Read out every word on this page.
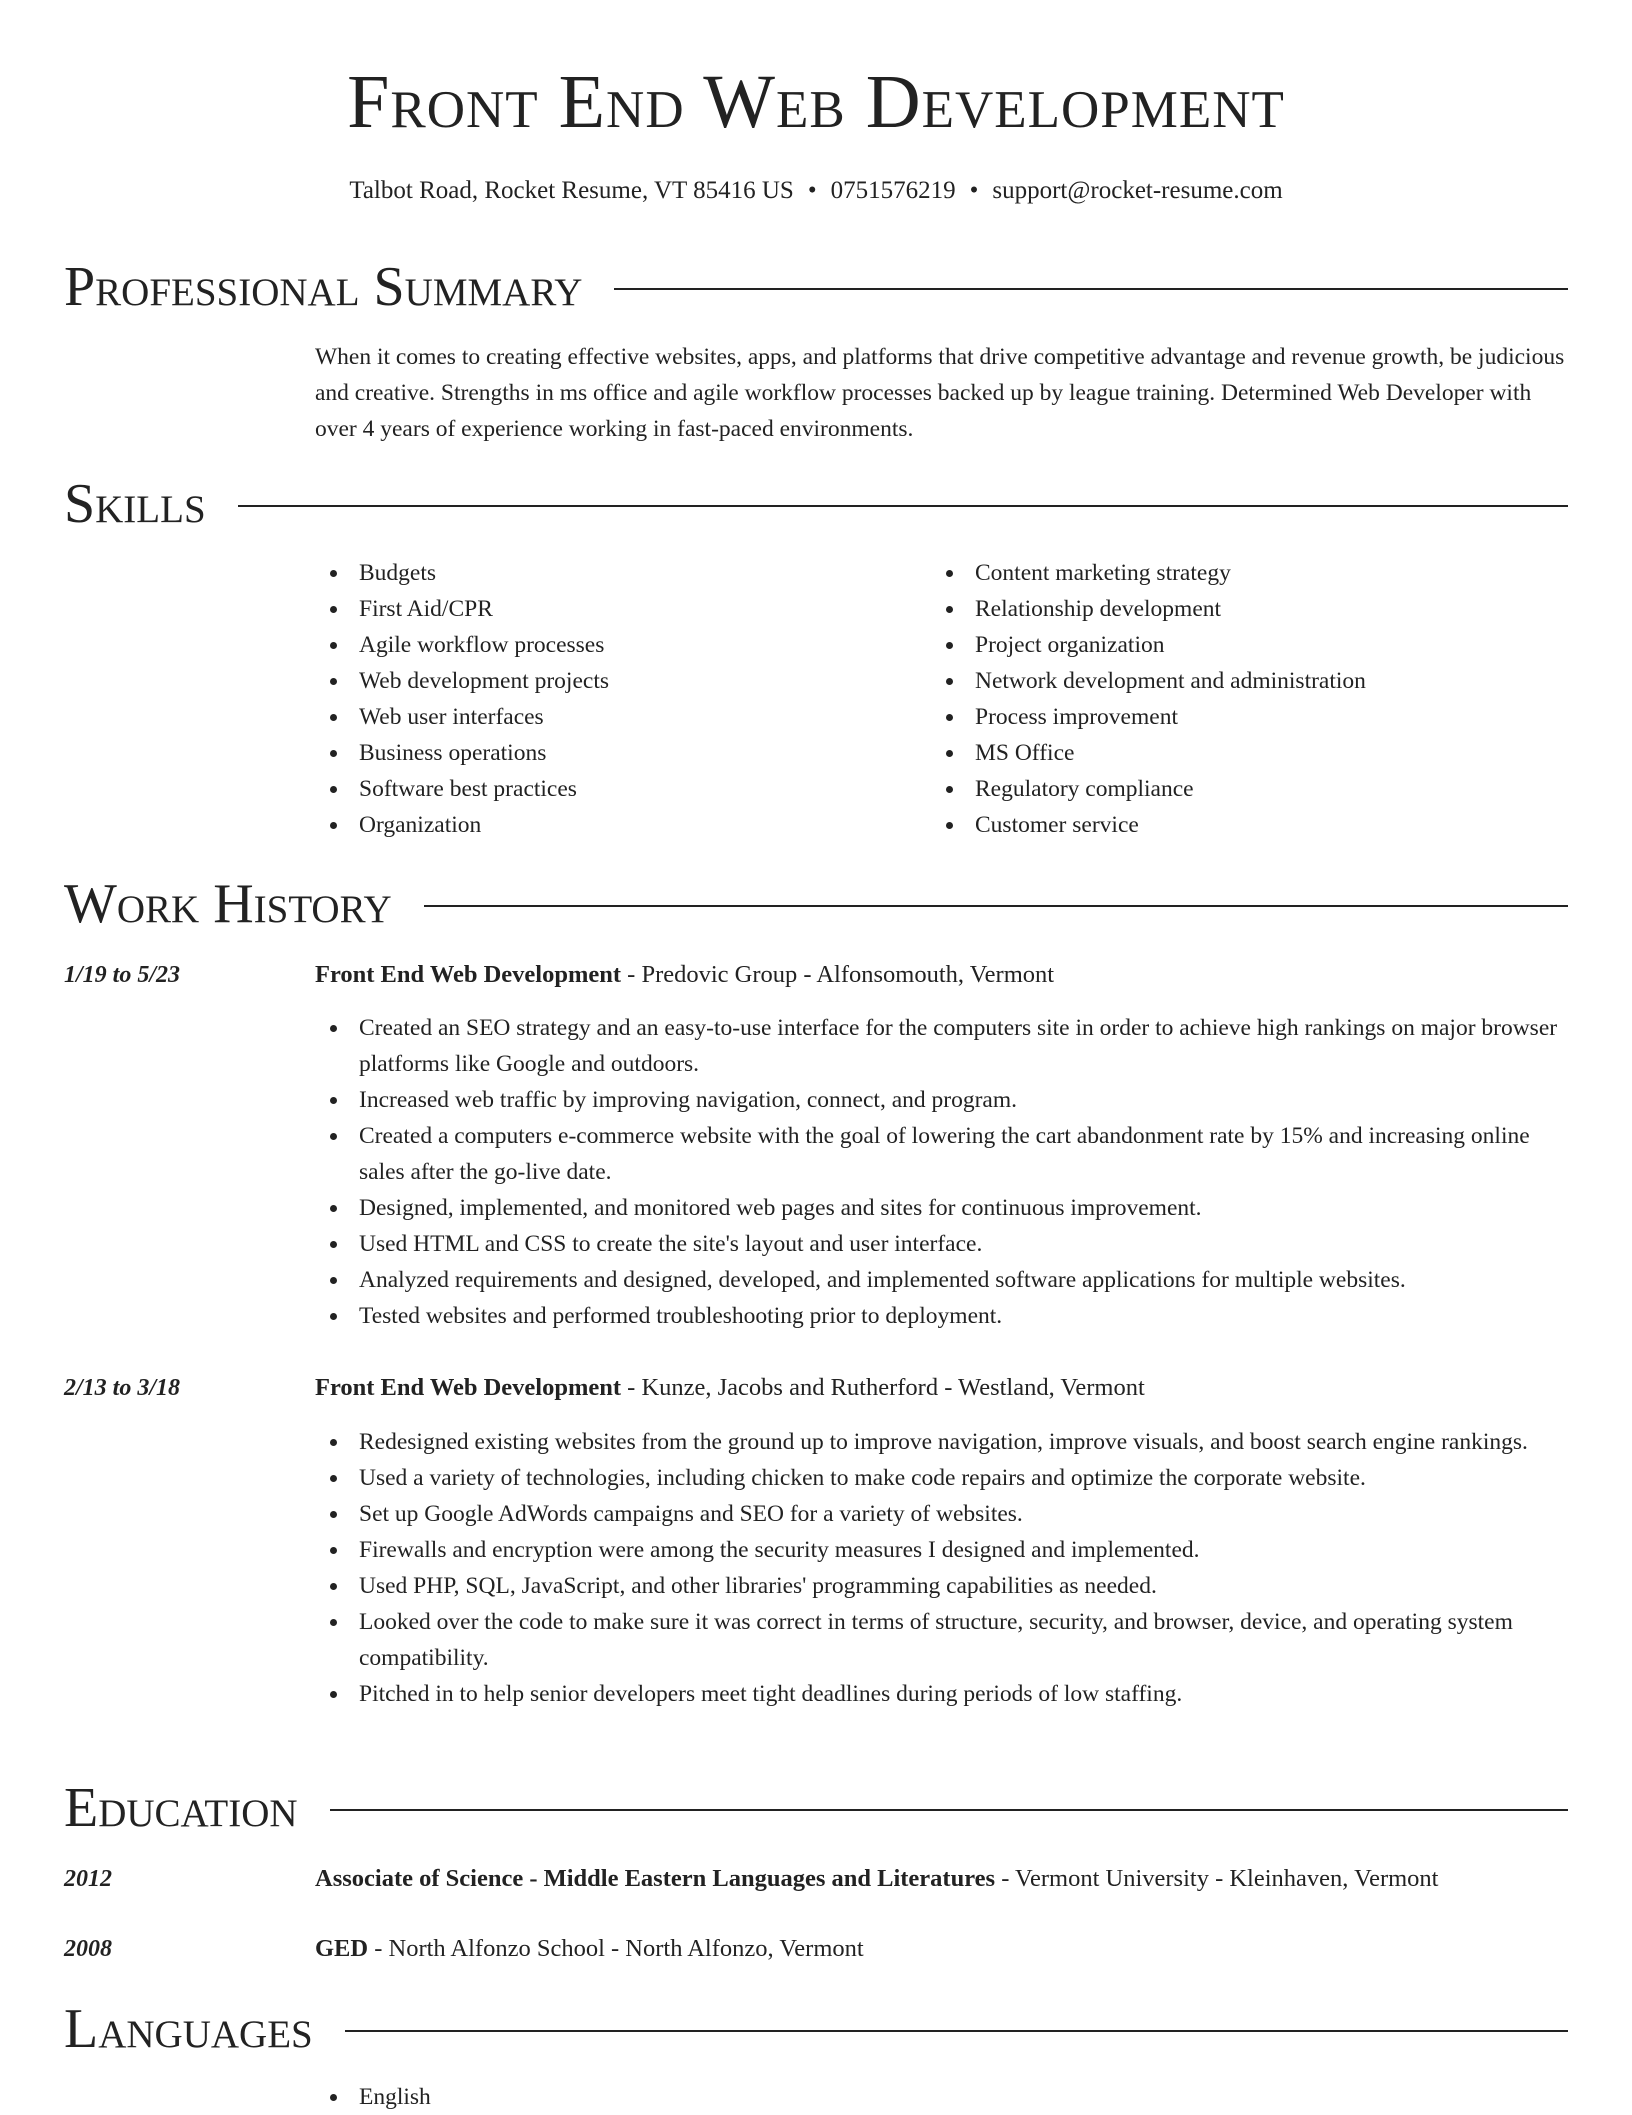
Front End Web Development
Talbot Road, Rocket Resume, VT 85416 US • 0751576219 • support@rocket-resume.com
Professional Summary
When it comes to creating effective websites, apps, and platforms that drive competitive advantage and revenue growth, be judicious and creative. Strengths in ms office and agile workflow processes backed up by league training. Determined Web Developer with over 4 years of experience working in fast-paced environments.
Skills
Budgets
First Aid/CPR
Agile workflow processes
Web development projects
Web user interfaces
Business operations
Software best practices
Organization
Content marketing strategy
Relationship development
Project organization
Network development and administration
Process improvement
MS Office
Regulatory compliance
Customer service
Work History
1/19 to 5/23	Front End Web Development - Predovic Group - Alfonsomouth, Vermont
Created an SEO strategy and an easy-to-use interface for the computers site in order to achieve high rankings on major browser platforms like Google and outdoors.
Increased web traffic by improving navigation, connect, and program.
Created a computers e-commerce website with the goal of lowering the cart abandonment rate by 15% and increasing online sales after the go-live date.
Designed, implemented, and monitored web pages and sites for continuous improvement.
Used HTML and CSS to create the site's layout and user interface.
Analyzed requirements and designed, developed, and implemented software applications for multiple websites.
Tested websites and performed troubleshooting prior to deployment.
2/13 to 3/18	Front End Web Development - Kunze, Jacobs and Rutherford - Westland, Vermont
Redesigned existing websites from the ground up to improve navigation, improve visuals, and boost search engine rankings.
Used a variety of technologies, including chicken to make code repairs and optimize the corporate website.
Set up Google AdWords campaigns and SEO for a variety of websites.
Firewalls and encryption were among the security measures I designed and implemented.
Used PHP, SQL, JavaScript, and other libraries' programming capabilities as needed.
Looked over the code to make sure it was correct in terms of structure, security, and browser, device, and operating system compatibility.
Pitched in to help senior developers meet tight deadlines during periods of low staffing.
Education
2012	Associate of Science - Middle Eastern Languages and Literatures - Vermont University - Kleinhaven, Vermont
2008	GED - North Alfonzo School - North Alfonzo, Vermont
Languages
English
